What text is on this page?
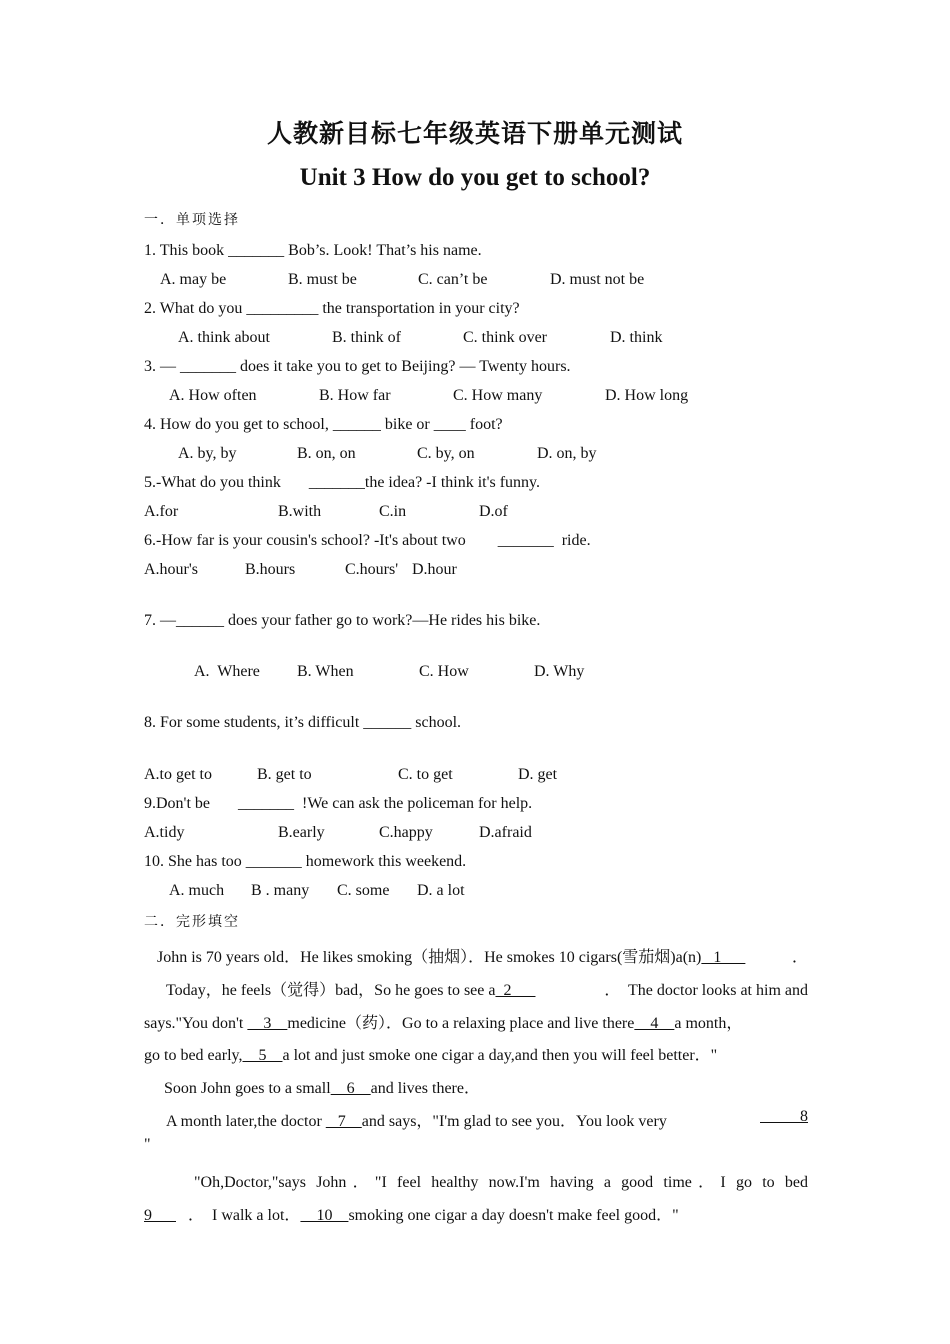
人教新目标七年级英语下册单元测试
Unit 3 How do you get to school?
一．单项选择
1. This book _______ Bob’s. Look! That’s his name.
A. may be	B. must be	C. can’t be	D. must not be
2. What do you _________ the transportation in your city?
A. think about	B. think of	C. think over	D. think
3. — _______ does it take you to get to Beijing? — Twenty hours.
A. How often	B. How far	C. How many	D. How long
4. How do you get to school, ______ bike or ____ foot?
A. by, by	B. on, on	C. by, on	D. on, by
5.-What do you think       _______the idea? -I think it's funny.
A.for	B.with	C.in	D.of
6.-How far is your cousin's school? -It's about two        _______  ride.
A.hour's	B.hours	C.hours' D.hour
7. —______ does your father go to work?—He rides his bike.
A.  Where B. When	C. How	D. Why
8. For some students, it’s difficult ______ school.
A.to get to	B. get to	C. to get	D. get
9.Don't be       _______  !We can ask the policeman for help.
A.tidy	B.early	C.happy	D.afraid
10. She has too _______ homework this weekend.
A. much B . many C. some D. a lot
二．完形填空
John is 70 years old．He likes smoking（抽烟）．He smokes 10 cigars(雪茄烟)a(n)   1	．
Today，he feels（觉得）bad，So he goes to see a  2	．  The doctor looks at him and
says."You don't     3    medicine（药）．Go to a relaxing place and live there    4    a month，
go to bed early,    5    a lot and just smoke one cigar a day,and then you will feel better．"
Soon John goes to a small    6    and lives there．
A month later,the doctor    7    and says，"I'm glad to see you．You look very	8
"
"Oh,Doctor,"says John．"I feel healthy now.I'm having a good time．I go to bed
9      ．  I walk a lot．    10    smoking one cigar a day doesn't make feel good．"
